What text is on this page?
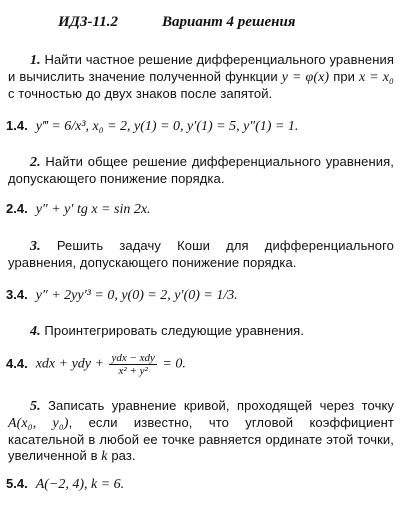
ИДЗ-11.2	Вариант 4 решения
1. Найти частное решение дифференциального уравнения и вычислить значение полученной функции y = φ(x) при x = x₀ с точностью до двух знаков после запятой.
1.4. y‴ = 6/x³, x₀ = 2, y(1) = 0, y′(1) = 5, y″(1) = 1.
2. Найти общее решение дифференциального уравнения, допускающего понижение порядка.
2.4. y″ + y′ tg x = sin 2x.
3. Решить задачу Коши для дифференциального уравнения, допускающего понижение порядка.
3.4. y″ + 2yy′³ = 0, y(0) = 2, y′(0) = 1/3.
4. Проинтегрировать следующие уравнения.
4.4. xdx + ydy + $\frac{\text{ydx − xdy}}{\text{x² + y²}} = 0$.
5. Записать уравнение кривой, проходящей через точку A(x₀, y₀), если известно, что угловой коэффициент касательной в любой ее точке равняется ординате этой точки, увеличенной в k раз.
5.4. A(−2, 4), k = 6.
